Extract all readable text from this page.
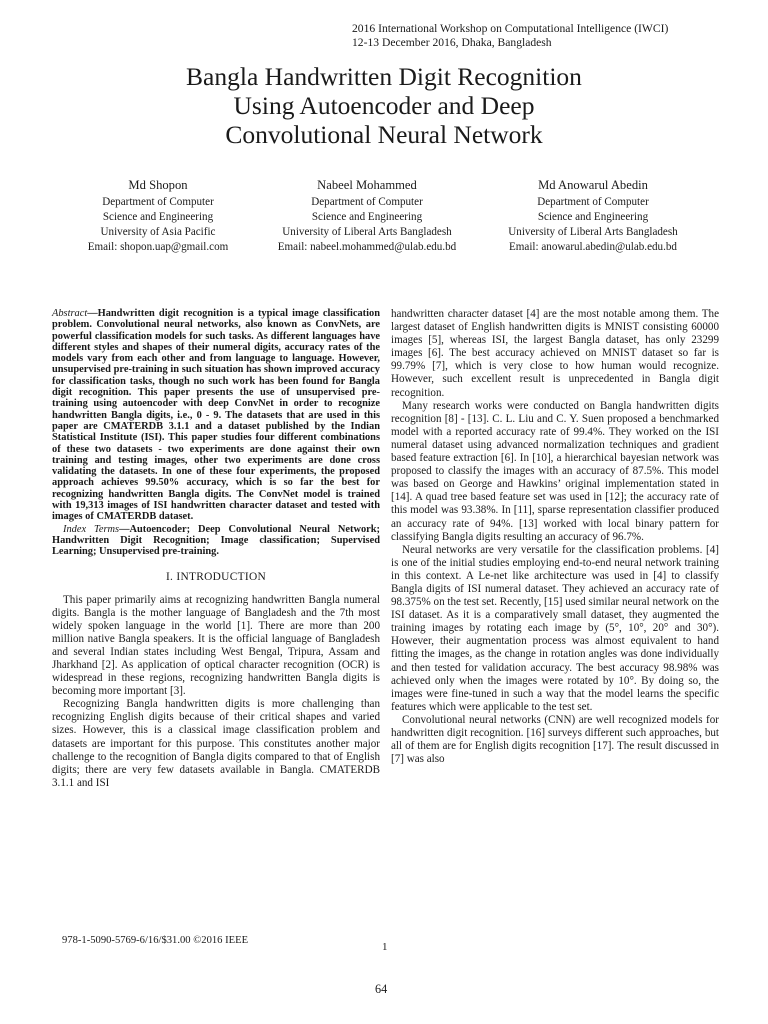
2016 International Workshop on Computational Intelligence (IWCI)
12-13 December 2016, Dhaka, Bangladesh
Bangla Handwritten Digit Recognition
Using Autoencoder and Deep
Convolutional Neural Network
Md Shopon
Department of Computer
Science and Engineering
University of Asia Pacific
Email: shopon.uap@gmail.com
Nabeel Mohammed
Department of Computer
Science and Engineering
University of Liberal Arts Bangladesh
Email: nabeel.mohammed@ulab.edu.bd
Md Anowarul Abedin
Department of Computer
Science and Engineering
University of Liberal Arts Bangladesh
Email: anowarul.abedin@ulab.edu.bd

Abstract—Handwritten digit recognition is a typical image classification problem. Convolutional neural networks, also known as ConvNets, are powerful classification models for such tasks. As different languages have different styles and shapes of their numeral digits, accuracy rates of the models vary from each other and from language to language. However, unsupervised pre-training in such situation has shown improved accuracy for classification tasks, though no such work has been found for Bangla digit recognition. This paper presents the use of unsupervised pre-training using autoencoder with deep ConvNet in order to recognize handwritten Bangla digits, i.e., 0 - 9. The datasets that are used in this paper are CMATERDB 3.1.1 and a dataset published by the Indian Statistical Institute (ISI). This paper studies four different combinations of these two datasets - two experiments are done against their own training and testing images, other two experiments are done cross validating the datasets. In one of these four experiments, the proposed approach achieves 99.50% accuracy, which is so far the best for recognizing handwritten Bangla digits. The ConvNet model is trained with 19,313 images of ISI handwritten character dataset and tested with images of CMATERDB dataset.

Index Terms—Autoencoder; Deep Convolutional Neural Network; Handwritten Digit Recognition; Image classification; Supervised Learning; Unsupervised pre-training.

I. INTRODUCTION

This paper primarily aims at recognizing handwritten Bangla numeral digits. Bangla is the mother language of Bangladesh and the 7th most widely spoken language in the world [1]. There are more than 200 million native Bangla speakers. It is the official language of Bangladesh and several Indian states including West Bengal, Tripura, Assam and Jharkhand [2]. As application of optical character recognition (OCR) is widespread in these regions, recognizing handwritten Bangla digits is becoming more important [3].

Recognizing Bangla handwritten digits is more challenging than recognizing English digits because of their critical shapes and varied sizes. However, this is a classical image classification problem and datasets are important for this purpose. This constitutes another major challenge to the recognition of Bangla digits compared to that of English digits; there are very few datasets available in Bangla. CMATERDB 3.1.1 and ISI

handwritten character dataset [4] are the most notable among them. The largest dataset of English handwritten digits is MNIST consisting 60000 images [5], whereas ISI, the largest Bangla dataset, has only 23299 images [6]. The best accuracy achieved on MNIST dataset so far is 99.79% [7], which is very close to how human would recognize. However, such excellent result is unprecedented in Bangla digit recognition.

Many research works were conducted on Bangla handwritten digits recognition [8] - [13]. C. L. Liu and C. Y. Suen proposed a benchmarked model with a reported accuracy rate of 99.4%. They worked on the ISI numeral dataset using advanced normalization techniques and gradient based feature extraction [6]. In [10], a hierarchical bayesian network was proposed to classify the images with an accuracy of 87.5%. This model was based on George and Hawkins’ original implementation stated in [14]. A quad tree based feature set was used in [12]; the accuracy rate of this model was 93.38%. In [11], sparse representation classifier produced an accuracy rate of 94%. [13] worked with local binary pattern for classifying Bangla digits resulting an accuracy of 96.7%.

Neural networks are very versatile for the classification problems. [4] is one of the initial studies employing end-to-end neural network training in this context. A Le-net like architecture was used in [4] to classify Bangla digits of ISI numeral dataset. They achieved an accuracy rate of 98.375% on the test set. Recently, [15] used similar neural network on the ISI dataset. As it is a comparatively small dataset, they augmented the training images by rotating each image by (5°, 10°, 20° and 30°). However, their augmentation process was almost equivalent to hand fitting the images, as the change in rotation angles was done individually and then tested for validation accuracy. The best accuracy 98.98% was achieved only when the images were rotated by 10°. By doing so, the images were fine-tuned in such a way that the model learns the specific features which were applicable to the test set.

Convolutional neural networks (CNN) are well recognized models for handwritten digit recognition. [16] surveys different such approaches, but all of them are for English digits recognition [17]. The result discussed in [7] was also

978-1-5090-5769-6/16/$31.00 ©2016 IEEE
1
64
